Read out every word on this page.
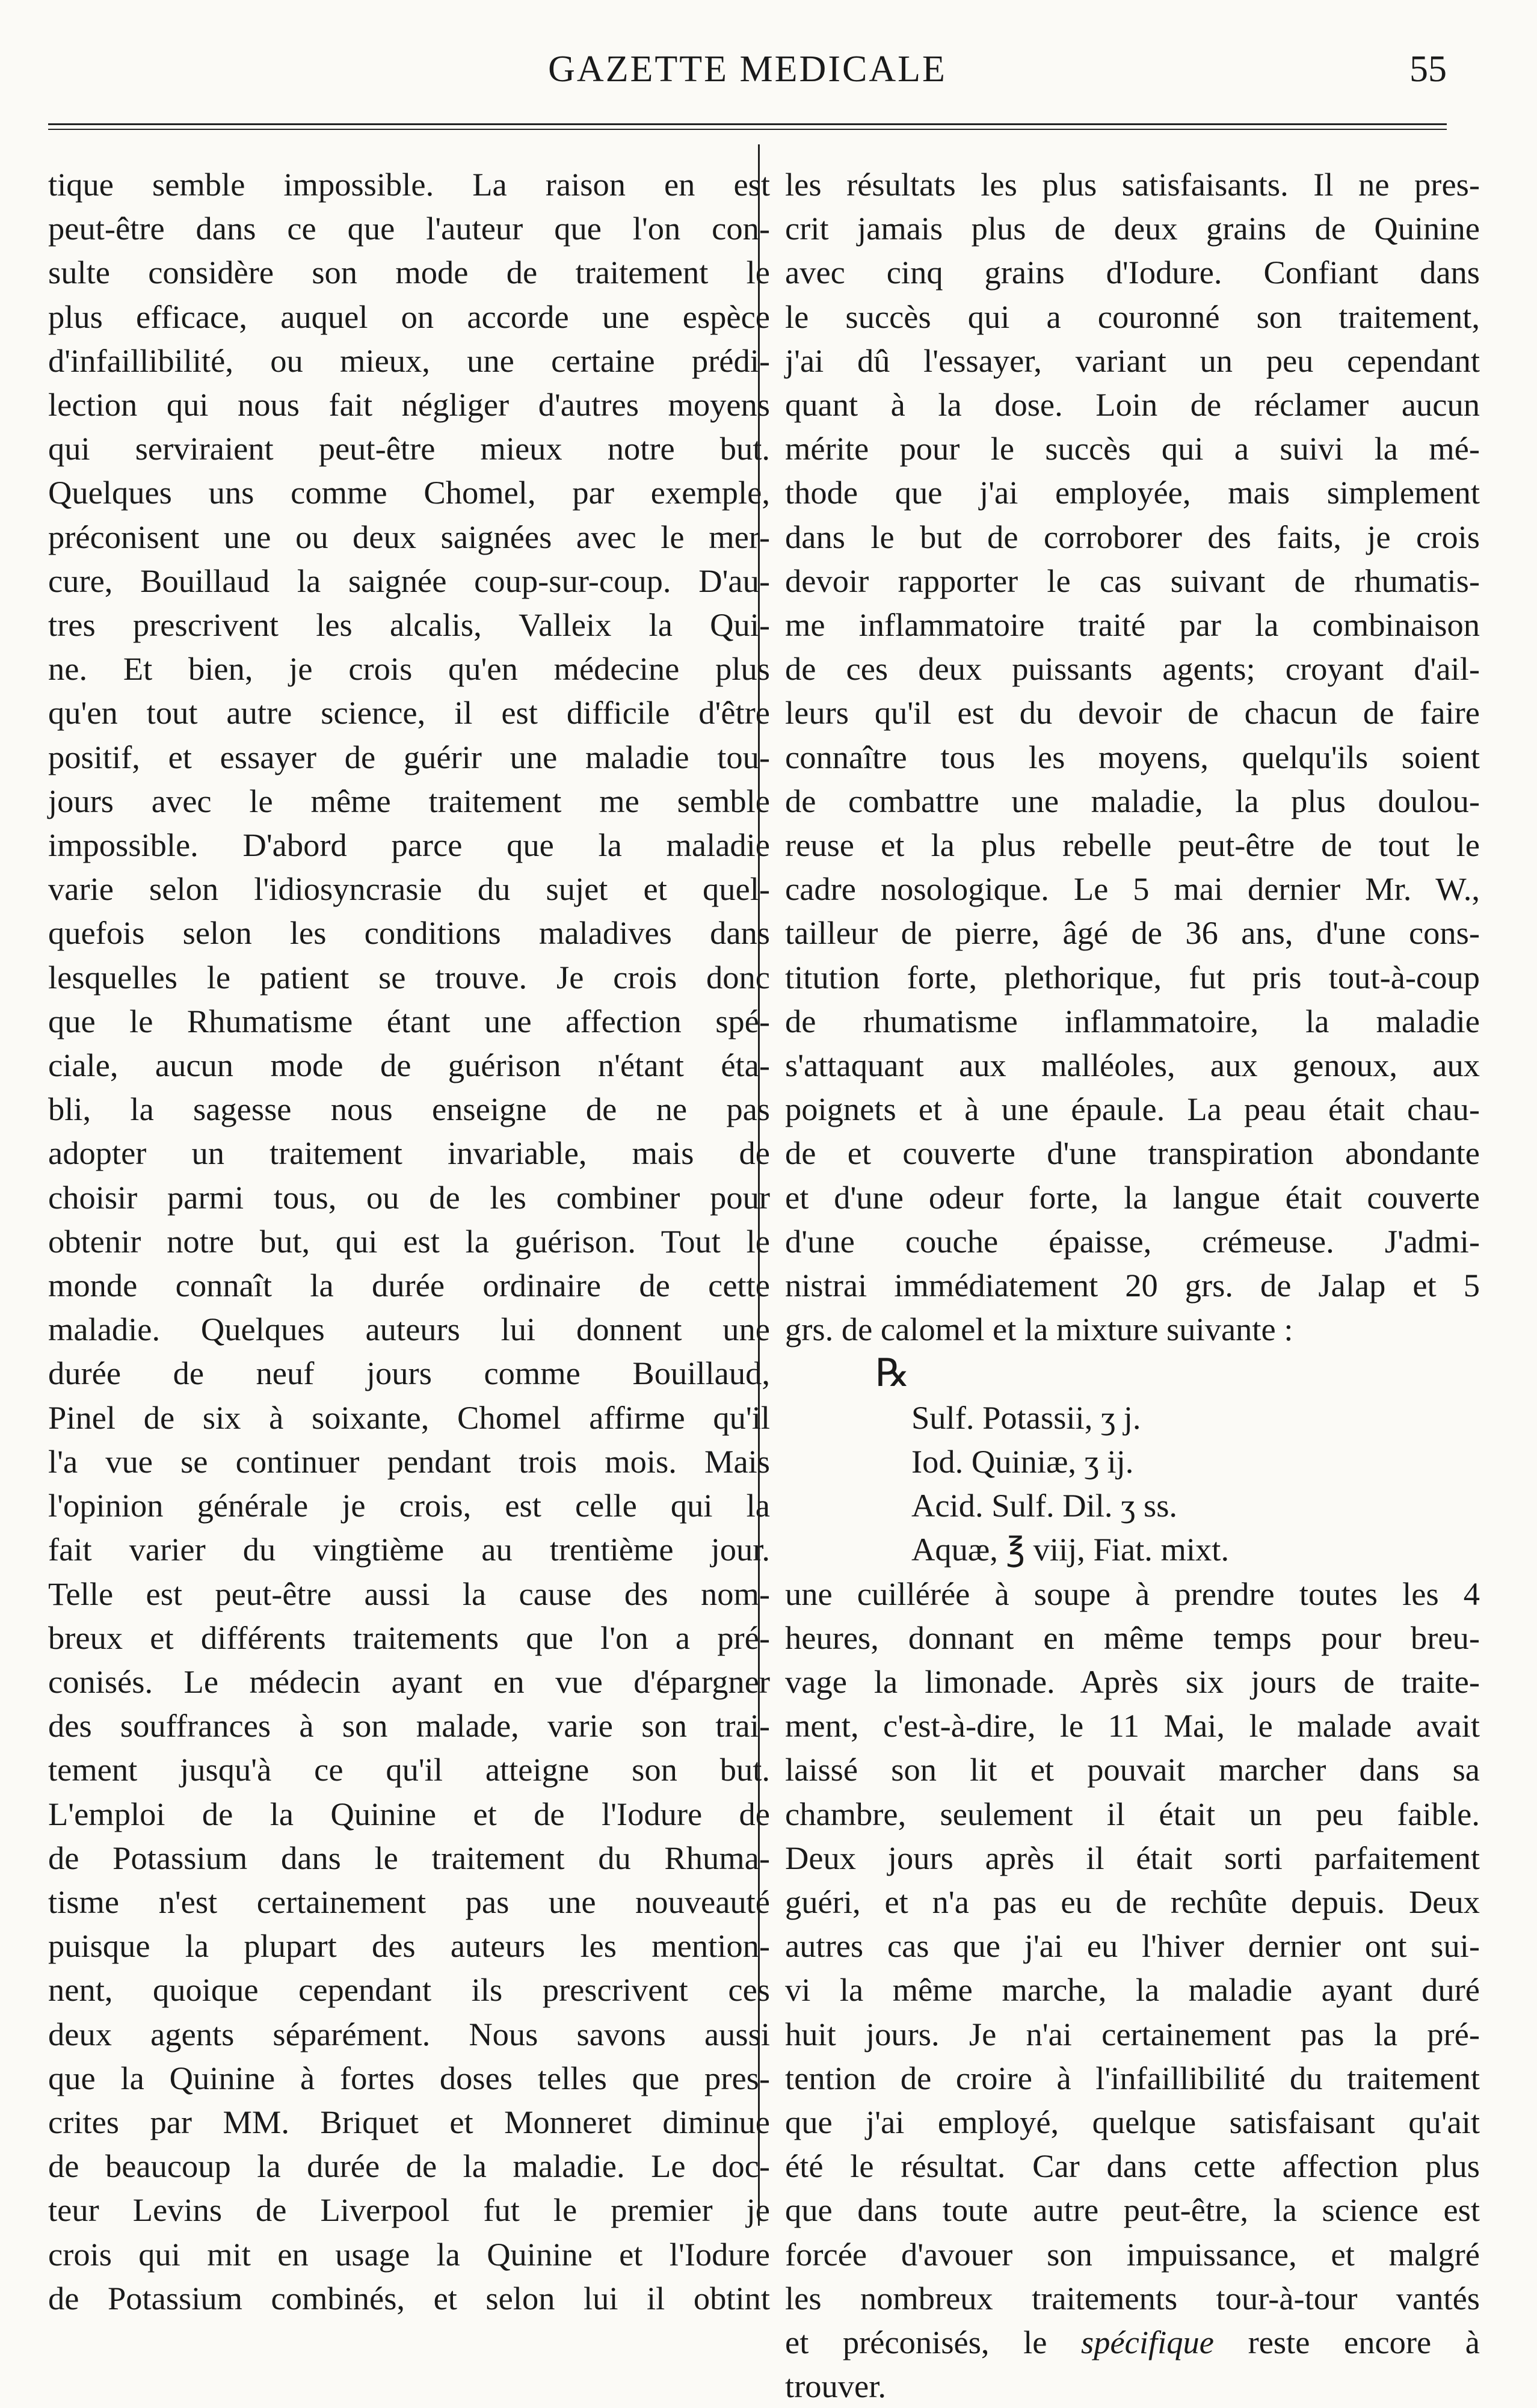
GAZETTE MEDICALE	55
tique semble impossible. La raison en est
peut-être dans ce que l'auteur que l'on con-
sulte considère son mode de traitement le
plus efficace, auquel on accorde une espèce
d'infaillibilité, ou mieux, une certaine prédi-
lection qui nous fait négliger d'autres moyens
qui serviraient peut-être mieux notre but.
Quelques uns comme Chomel, par exemple,
préconisent une ou deux saignées avec le mer-
cure, Bouillaud la saignée coup-sur-coup. D'au-
tres prescrivent les alcalis, Valleix la Qui-
ne. Et bien, je crois qu'en médecine plus
qu'en tout autre science, il est difficile d'être
positif, et essayer de guérir une maladie tou-
jours avec le même traitement me semble
impossible. D'abord parce que la maladie
varie selon l'idiosyncrasie du sujet et quel-
quefois selon les conditions maladives dans
lesquelles le patient se trouve. Je crois donc
que le Rhumatisme étant une affection spé-
ciale, aucun mode de guérison n'étant éta-
bli, la sagesse nous enseigne de ne pas
adopter un traitement invariable, mais de
choisir parmi tous, ou de les combiner pour
obtenir notre but, qui est la guérison. Tout le
monde connaît la durée ordinaire de cette
maladie. Quelques auteurs lui donnent une
durée de neuf jours comme Bouillaud,
Pinel de six à soixante, Chomel affirme qu'il
l'a vue se continuer pendant trois mois. Mais
l'opinion générale je crois, est celle qui la
fait varier du vingtième au trentième jour.
Telle est peut-être aussi la cause des nom-
breux et différents traitements que l'on a pré-
conisés. Le médecin ayant en vue d'épargner
des souffrances à son malade, varie son trai-
tement jusqu'à ce qu'il atteigne son but.
L'emploi de la Quinine et de l'Iodure de
de Potassium dans le traitement du Rhuma-
tisme n'est certainement pas une nouveauté
puisque la plupart des auteurs les mention-
nent, quoique cependant ils prescrivent ces
deux agents séparément. Nous savons aussi
que la Quinine à fortes doses telles que pres-
crites par MM. Briquet et Monneret diminue
de beaucoup la durée de la maladie. Le doc-
teur Levins de Liverpool fut le premier je
crois qui mit en usage la Quinine et l'Iodure
de Potassium combinés, et selon lui il obtint
les résultats les plus satisfaisants. Il ne pres-
crit jamais plus de deux grains de Quinine
avec cinq grains d'Iodure. Confiant dans
le succès qui a couronné son traitement,
j'ai dû l'essayer, variant un peu cependant
quant à la dose. Loin de réclamer aucun
mérite pour le succès qui a suivi la mé-
thode que j'ai employée, mais simplement
dans le but de corroborer des faits, je crois
devoir rapporter le cas suivant de rhumatis-
me inflammatoire traité par la combinaison
de ces deux puissants agents; croyant d'ail-
leurs qu'il est du devoir de chacun de faire
connaître tous les moyens, quelqu'ils soient
de combattre une maladie, la plus doulou-
reuse et la plus rebelle peut-être de tout le
cadre nosologique. Le 5 mai dernier Mr. W.,
tailleur de pierre, âgé de 36 ans, d'une cons-
titution forte, plethorique, fut pris tout-à-coup
de rhumatisme inflammatoire, la maladie
s'attaquant aux malléoles, aux genoux, aux
poignets et à une épaule. La peau était chau-
de et couverte d'une transpiration abondante
et d'une odeur forte, la langue était couverte
d'une couche épaisse, crémeuse. J'admi-
nistrai immédiatement 20 grs. de Jalap et 5
grs. de calomel et la mixture suivante :
℞
Sulf. Potassii, ʒ j.
Iod. Quiniæ, ʒ ij.
Acid. Sulf. Dil. ʒ ss.
Aquæ, ℥ viij, Fiat. mixt.
une cuillérée à soupe à prendre toutes les 4
heures, donnant en même temps pour breu-
vage la limonade. Après six jours de traite-
ment, c'est-à-dire, le 11 Mai, le malade avait
laissé son lit et pouvait marcher dans sa
chambre, seulement il était un peu faible.
Deux jours après il était sorti parfaitement
guéri, et n'a pas eu de rechûte depuis. Deux
autres cas que j'ai eu l'hiver dernier ont sui-
vi la même marche, la maladie ayant duré
huit jours. Je n'ai certainement pas la pré-
tention de croire à l'infaillibilité du traitement
que j'ai employé, quelque satisfaisant qu'ait
été le résultat. Car dans cette affection plus
que dans toute autre peut-être, la science est
forcée d'avouer son impuissance, et malgré
les nombreux traitements tour-à-tour vantés
et préconisés, le spécifique reste encore à
trouver.
